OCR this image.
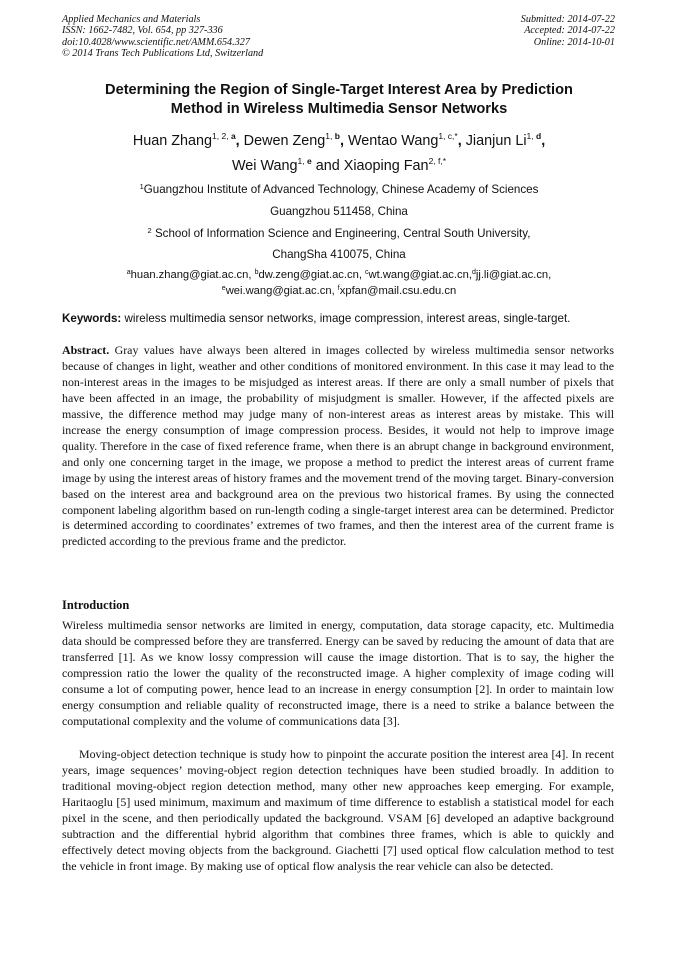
Applied Mechanics and Materials
ISSN: 1662-7482, Vol. 654, pp 327-336
doi:10.4028/www.scientific.net/AMM.654.327
© 2014 Trans Tech Publications Ltd, Switzerland
Submitted: 2014-07-22
Accepted: 2014-07-22
Online: 2014-10-01
Determining the Region of Single-Target Interest Area by Prediction
Method in Wireless Multimedia Sensor Networks
Huan Zhang$^{1, 2, a}$, Dewen Zeng$^{1, b}$, Wentao Wang$^{1, c,*}$, Jianjun Li$^{1, d}$,
Wei Wang$^{1, e}$ and Xiaoping Fan$^{2, f,*}$
$^1$Guangzhou Institute of Advanced Technology, Chinese Academy of Sciences
Guangzhou 511458, China
$^2$ School of Information Science and Engineering, Central South University,
ChangSha 410075, China
$^a$huan.zhang@giat.ac.cn, $^b$dw.zeng@giat.ac.cn, $^c$wt.wang@giat.ac.cn,$^d$jj.li@giat.ac.cn,
$^e$wei.wang@giat.ac.cn, $^f$xpfan@mail.csu.edu.cn
Keywords: wireless multimedia sensor networks, image compression, interest areas, single-target.
Abstract. Gray values have always been altered in images collected by wireless multimedia sensor networks because of changes in light, weather and other conditions of monitored environment. In this case it may lead to the non-interest areas in the images to be misjudged as interest areas. If there are only a small number of pixels that have been affected in an image, the probability of misjudgment is smaller. However, if the affected pixels are massive, the difference method may judge many of non-interest areas as interest areas by mistake. This will increase the energy consumption of image compression process. Besides, it would not help to improve image quality. Therefore in the case of fixed reference frame, when there is an abrupt change in background environment, and only one concerning target in the image, we propose a method to predict the interest areas of current frame image by using the interest areas of history frames and the movement trend of the moving target. Binary-conversion based on the interest area and background area on the previous two historical frames. By using the connected component labeling algorithm based on run-length coding a single-target interest area can be determined. Predictor is determined according to coordinates’ extremes of two frames, and then the interest area of the current frame is predicted according to the previous frame and the predictor.
Introduction
Wireless multimedia sensor networks are limited in energy, computation, data storage capacity, etc. Multimedia data should be compressed before they are transferred. Energy can be saved by reducing the amount of data that are transferred [1]. As we know lossy compression will cause the image distortion. That is to say, the higher the compression ratio the lower the quality of the reconstructed image. A higher complexity of image coding will consume a lot of computing power, hence lead to an increase in energy consumption [2]. In order to maintain low energy consumption and reliable quality of reconstructed image, there is a need to strike a balance between the computational complexity and the volume of communications data [3].
Moving-object detection technique is study how to pinpoint the accurate position the interest area [4]. In recent years, image sequences’ moving-object region detection techniques have been studied broadly. In addition to traditional moving-object region detection method, many other new approaches keep emerging. For example, Haritaoglu [5] used minimum, maximum and maximum of time difference to establish a statistical model for each pixel in the scene, and then periodically updated the background. VSAM [6] developed an adaptive background subtraction and the differential hybrid algorithm that combines three frames, which is able to quickly and effectively detect moving objects from the background. Giachetti [7] used optical flow calculation method to test the vehicle in front image. By making use of optical flow analysis the rear vehicle can also be detected.
